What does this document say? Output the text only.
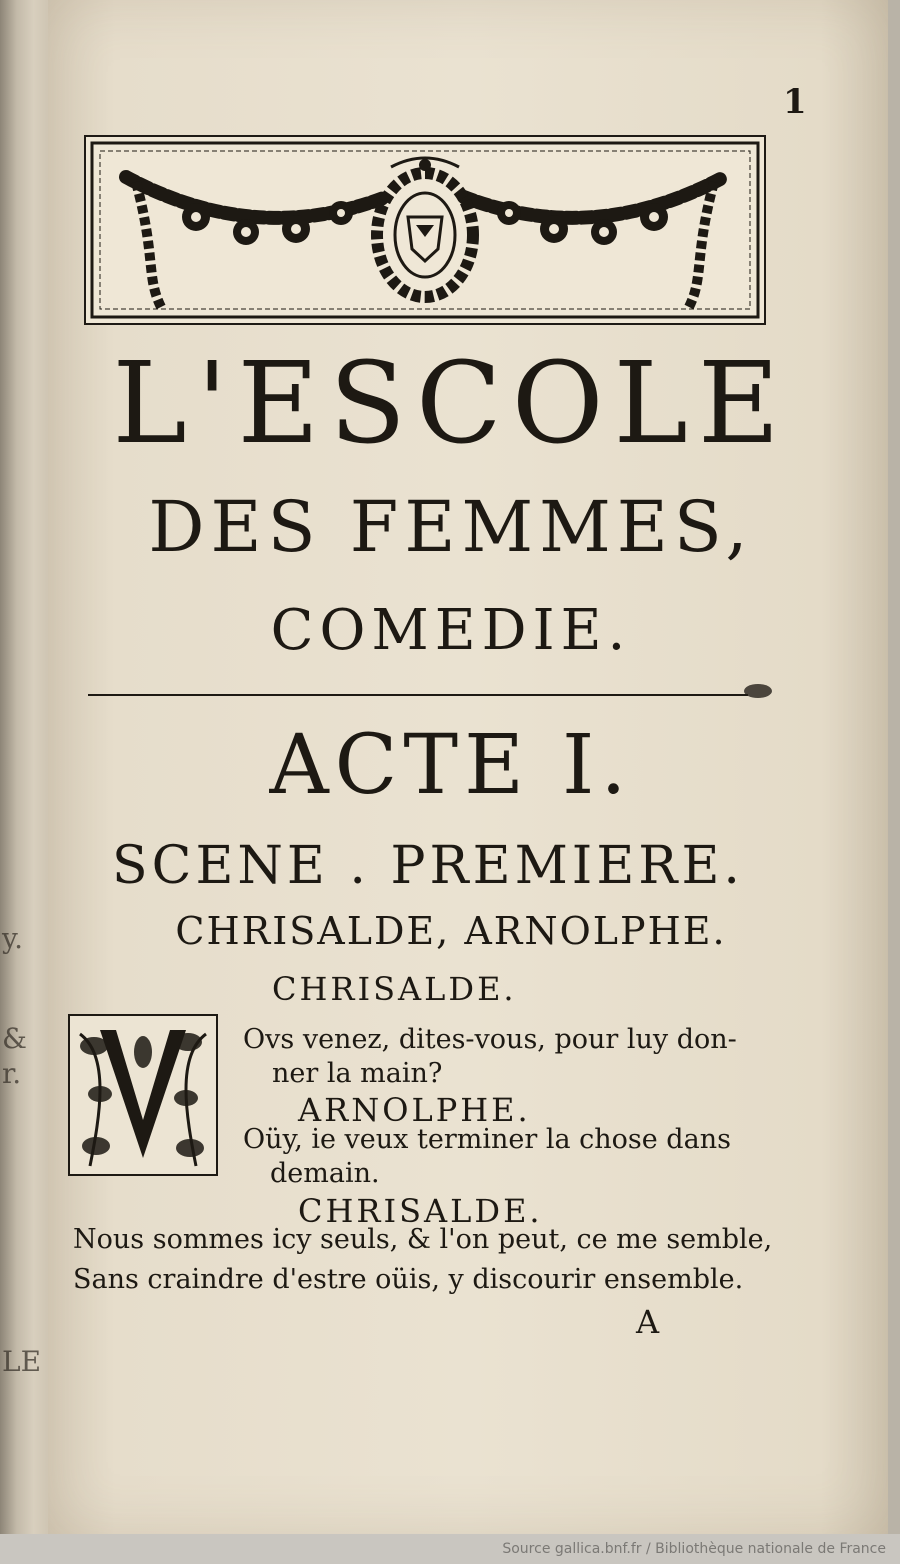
y.
&
r.
LE

1
L'ESCOLE
DES FEMMES,
COMEDIE.
ACTE I.
SCENE . PREMIERE.
CHRISALDE, ARNOLPHE.
CHRISALDE.
Ovs venez, dites-vous, pour luy don-
ner la main?
ARNOLPHE.
Oüy, ie veux terminer la chose dans
demain.
CHRISALDE.
Nous sommes icy seuls, & l'on peut, ce me semble,
Sans craindre d'estre oüis, y discourir ensemble.
A
Source gallica.bnf.fr / Bibliothèque nationale de France
